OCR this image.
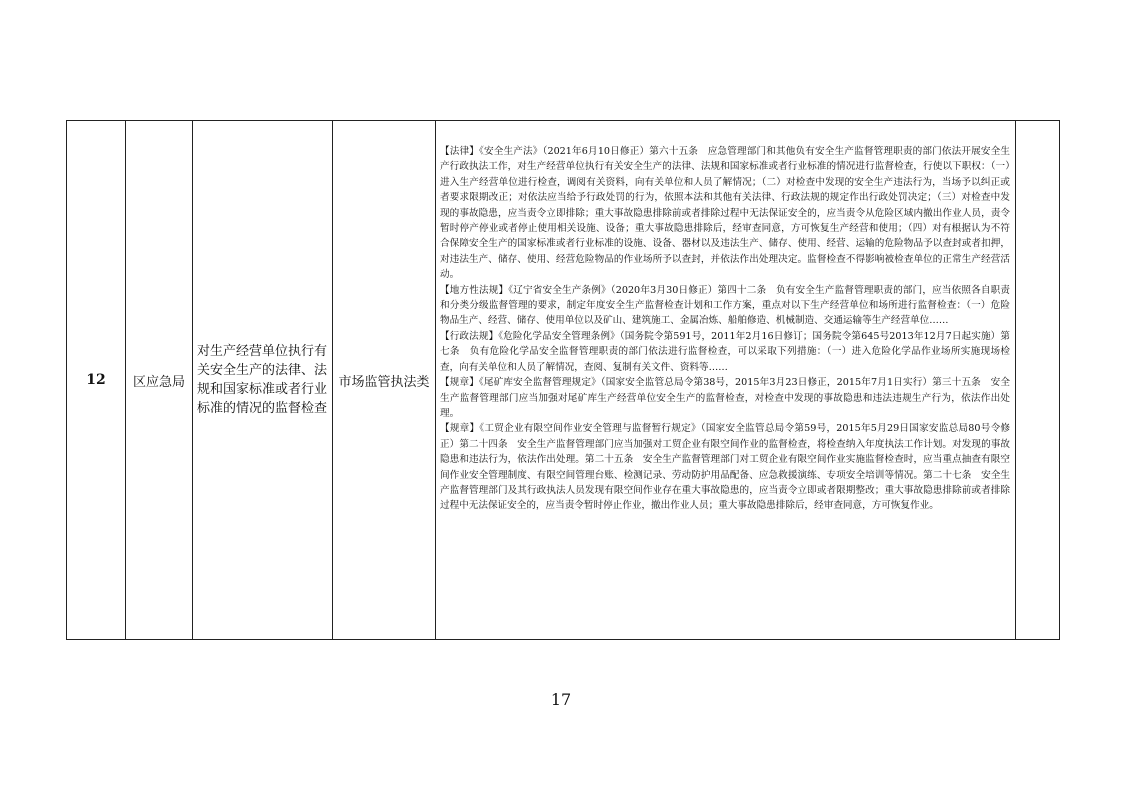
12	区应急局	对生产经营单位执行有关安全生产的法律、法规和国家标准或者行业标准的情况的监督检查	市场监管执法类	

【法律】《安全生产法》（2021年6月10日修正）第六十五条　应急管理部门和其他负有安全生产监督管理职责的部门依法开展安全生产行政执法工作，对生产经营单位执行有关安全生产的法律、法规和国家标准或者行业标准的情况进行监督检查，行使以下职权：（一）进入生产经营单位进行检查，调阅有关资料，向有关单位和人员了解情况；（二）对检查中发现的安全生产违法行为，当场予以纠正或者要求限期改正；对依法应当给予行政处罚的行为，依照本法和其他有关法律、行政法规的规定作出行政处罚决定；（三）对检查中发现的事故隐患，应当责令立即排除；重大事故隐患排除前或者排除过程中无法保证安全的，应当责令从危险区域内撤出作业人员，责令暂时停产停业或者停止使用相关设施、设备；重大事故隐患排除后，经审查同意，方可恢复生产经营和使用；（四）对有根据认为不符合保障安全生产的国家标准或者行业标准的设施、设备、器材以及违法生产、储存、使用、经营、运输的危险物品予以查封或者扣押，对违法生产、储存、使用、经营危险物品的作业场所予以查封，并依法作出处理决定。监督检查不得影响被检查单位的正常生产经营活动。

【地方性法规】《辽宁省安全生产条例》（2020年3月30日修正）第四十二条　负有安全生产监督管理职责的部门，应当依照各自职责和分类分级监督管理的要求，制定年度安全生产监督检查计划和工作方案，重点对以下生产经营单位和场所进行监督检查：（一）危险物品生产、经营、储存、使用单位以及矿山、建筑施工、金属冶炼、船舶修造、机械制造、交通运输等生产经营单位……

【行政法规】《危险化学品安全管理条例》（国务院令第591号，2011年2月16日修订；国务院令第645号2013年12月7日起实施）第七条　负有危险化学品安全监督管理职责的部门依法进行监督检查，可以采取下列措施：（一）进入危险化学品作业场所实施现场检查，向有关单位和人员了解情况，查阅、复制有关文件、资料等……

【规章】《尾矿库安全监督管理规定》（国家安全监管总局令第38号，2015年3月23日修正，2015年7月1日实行）第三十五条　安全生产监督管理部门应当加强对尾矿库生产经营单位安全生产的监督检查，对检查中发现的事故隐患和违法违规生产行为，依法作出处理。

【规章】《工贸企业有限空间作业安全管理与监督暂行规定》（国家安全监管总局令第59号，2015年5月29日国家安监总局80号令修正）第二十四条　安全生产监督管理部门应当加强对工贸企业有限空间作业的监督检查，将检查纳入年度执法工作计划。对发现的事故隐患和违法行为，依法作出处理。第二十五条　安全生产监督管理部门对工贸企业有限空间作业实施监督检查时，应当重点抽查有限空间作业安全管理制度、有限空间管理台账、检测记录、劳动防护用品配备、应急救援演练、专项安全培训等情况。第二十七条　安全生产监督管理部门及其行政执法人员发现有限空间作业存在重大事故隐患的，应当责令立即或者限期整改；重大事故隐患排除前或者排除过程中无法保证安全的，应当责令暂时停止作业，撤出作业人员；重大事故隐患排除后，经审查同意，方可恢复作业。

17
